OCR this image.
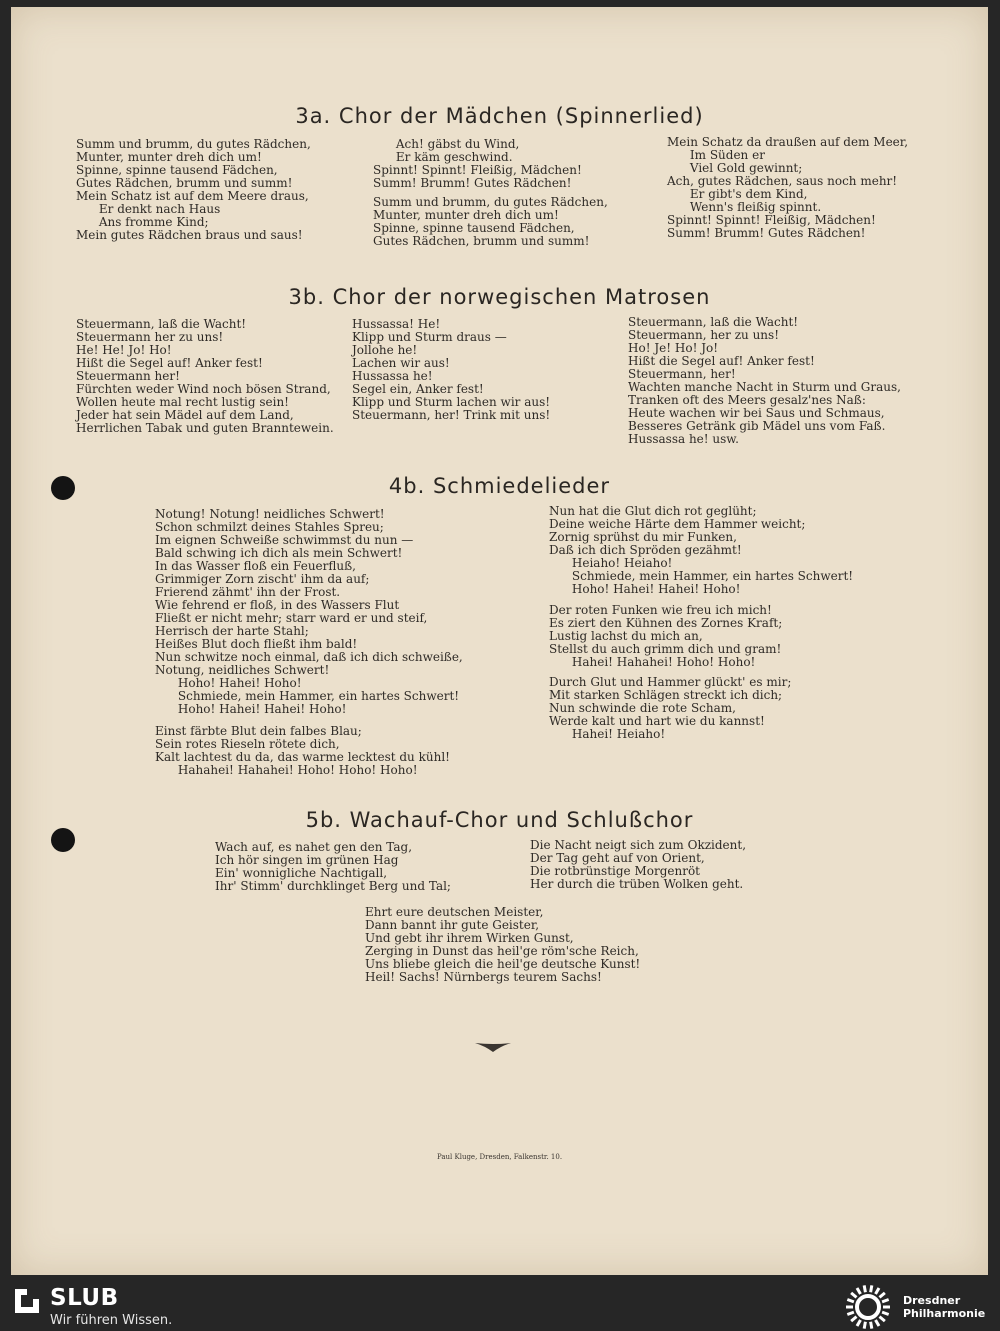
3a. Chor der Mädchen (Spinnerlied)
Summ und brumm, du gutes Rädchen,
Munter, munter dreh dich um!
Spinne, spinne tausend Fädchen,
Gutes Rädchen, brumm und summ!
Mein Schatz ist auf dem Meere draus,
Er denkt nach Haus
Ans fromme Kind;
Mein gutes Rädchen braus und saus!
Ach! gäbst du Wind,
Er käm geschwind.
Spinnt! Spinnt! Fleißig, Mädchen!
Summ! Brumm! Gutes Rädchen!
Summ und brumm, du gutes Rädchen,
Munter, munter dreh dich um!
Spinne, spinne tausend Fädchen,
Gutes Rädchen, brumm und summ!
Mein Schatz da draußen auf dem Meer,
Im Süden er
Viel Gold gewinnt;
Ach, gutes Rädchen, saus noch mehr!
Er gibt's dem Kind,
Wenn's fleißig spinnt.
Spinnt! Spinnt! Fleißig, Mädchen!
Summ! Brumm! Gutes Rädchen!
3b. Chor der norwegischen Matrosen
Steuermann, laß die Wacht!
Steuermann her zu uns!
He! He! Jo! Ho!
Hißt die Segel auf! Anker fest!
Steuermann her!
Fürchten weder Wind noch bösen Strand,
Wollen heute mal recht lustig sein!
Jeder hat sein Mädel auf dem Land,
Herrlichen Tabak und guten Branntewein.
Hussassa! He!
Klipp und Sturm draus —
Jollohe he!
Lachen wir aus!
Hussassa he!
Segel ein, Anker fest!
Klipp und Sturm lachen wir aus!
Steuermann, her! Trink mit uns!
Steuermann, laß die Wacht!
Steuermann, her zu uns!
Ho! Je! Ho! Jo!
Hißt die Segel auf! Anker fest!
Steuermann, her!
Wachten manche Nacht in Sturm und Graus,
Tranken oft des Meers gesalz'nes Naß:
Heute wachen wir bei Saus und Schmaus,
Besseres Getränk gib Mädel uns vom Faß.
Hussassa he! usw.
4b. Schmiedelieder
Notung! Notung! neidliches Schwert!
Schon schmilzt deines Stahles Spreu;
Im eignen Schweiße schwimmst du nun —
Bald schwing ich dich als mein Schwert!
In das Wasser floß ein Feuerfluß,
Grimmiger Zorn zischt' ihm da auf;
Frierend zähmt' ihn der Frost.
Wie fehrend er floß, in des Wassers Flut
Fließt er nicht mehr; starr ward er und steif,
Herrisch der harte Stahl;
Heißes Blut doch fließt ihm bald!
Nun schwitze noch einmal, daß ich dich schweiße,
Notung, neidliches Schwert!
Hoho! Hahei! Hoho!
Schmiede, mein Hammer, ein hartes Schwert!
Hoho! Hahei! Hahei! Hoho!
Einst färbte Blut dein falbes Blau;
Sein rotes Rieseln rötete dich,
Kalt lachtest du da, das warme lecktest du kühl!
Hahahei! Hahahei! Hoho! Hoho! Hoho!
Nun hat die Glut dich rot geglüht;
Deine weiche Härte dem Hammer weicht;
Zornig sprühst du mir Funken,
Daß ich dich Spröden gezähmt!
Heiaho! Heiaho!
Schmiede, mein Hammer, ein hartes Schwert!
Hoho! Hahei! Hahei! Hoho!
Der roten Funken wie freu ich mich!
Es ziert den Kühnen des Zornes Kraft;
Lustig lachst du mich an,
Stellst du auch grimm dich und gram!
Hahei! Hahahei! Hoho! Hoho!
Durch Glut und Hammer glückt' es mir;
Mit starken Schlägen streckt ich dich;
Nun schwinde die rote Scham,
Werde kalt und hart wie du kannst!
Hahei! Heiaho!
5b. Wachauf-Chor und Schlußchor
Wach auf, es nahet gen den Tag,
Ich hör singen im grünen Hag
Ein' wonnigliche Nachtigall,
Ihr' Stimm' durchklinget Berg und Tal;
Die Nacht neigt sich zum Okzident,
Der Tag geht auf von Orient,
Die rotbrünstige Morgenröt
Her durch die trüben Wolken geht.
Ehrt eure deutschen Meister,
Dann bannt ihr gute Geister,
Und gebt ihr ihrem Wirken Gunst,
Zerging in Dunst das heil'ge röm'sche Reich,
Uns bliebe gleich die heil'ge deutsche Kunst!
Heil! Sachs! Nürnbergs teurem Sachs!
Paul Kluge, Dresden, Falkenstr. 10.
SLUB
Wir führen Wissen.
Dresdner
Philharmonie
